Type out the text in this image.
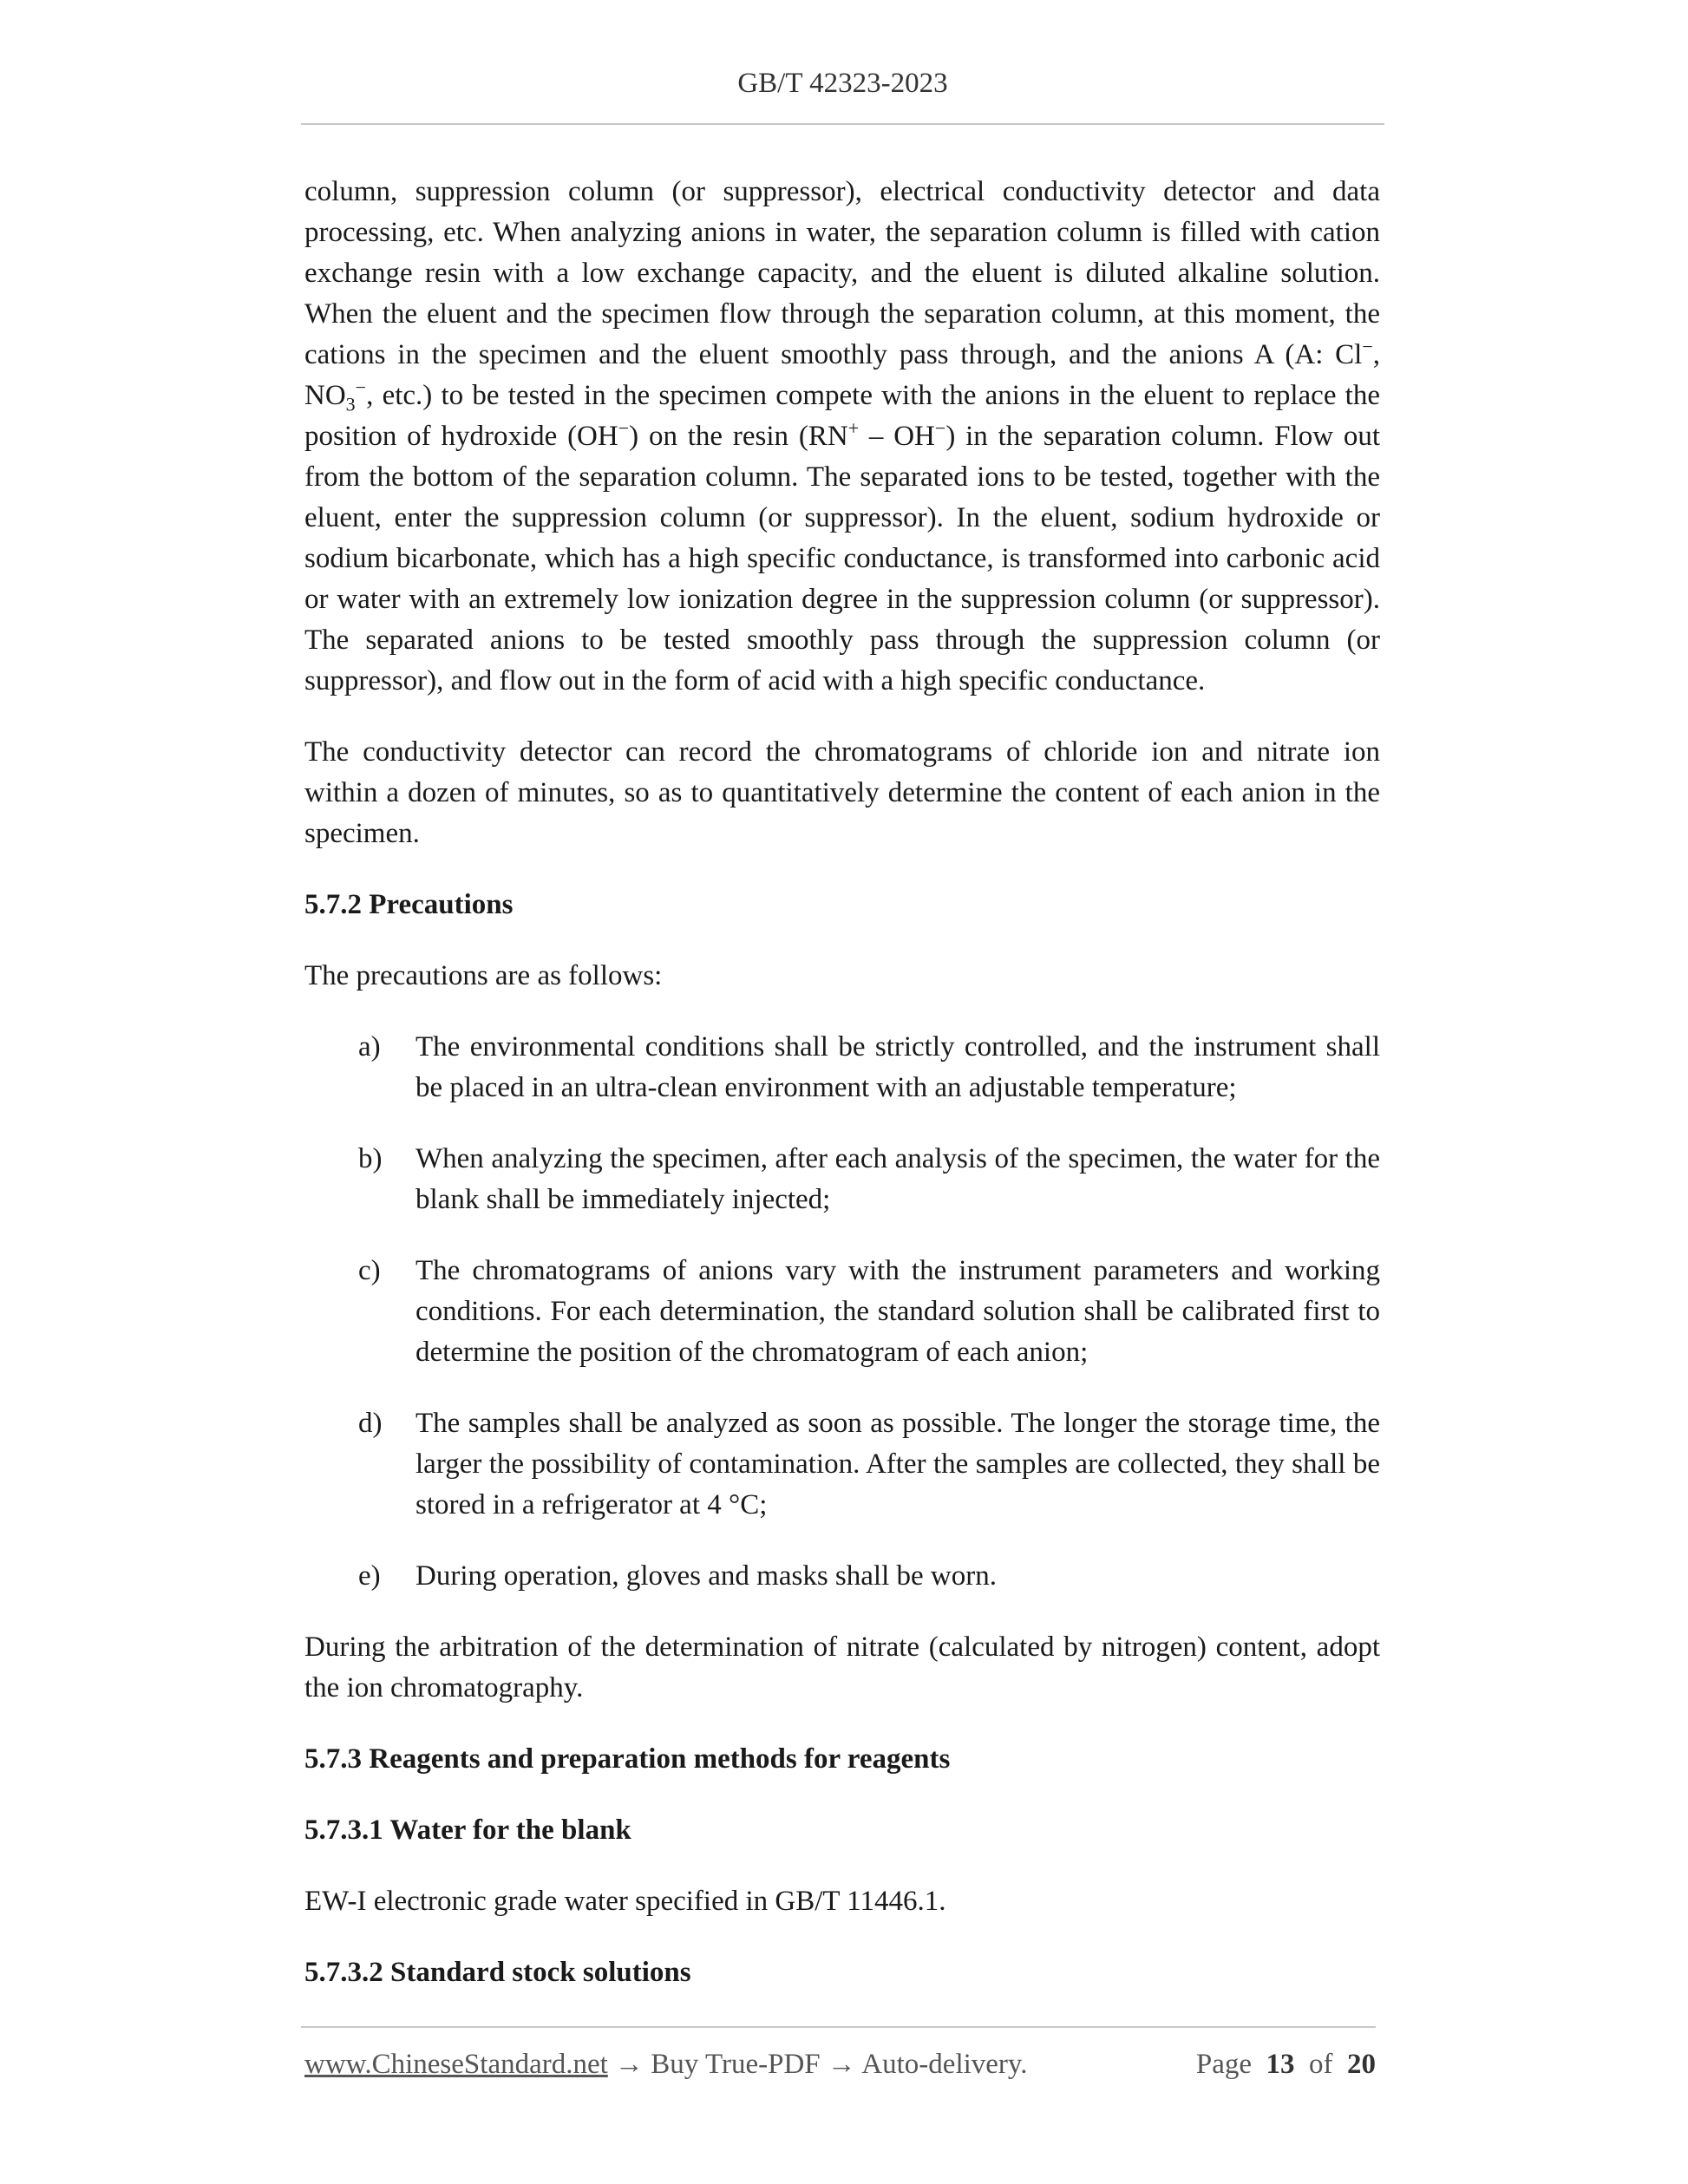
GB/T 42323-2023

column, suppression column (or suppressor), electrical conductivity detector and data processing, etc. When analyzing anions in water, the separation column is filled with cation exchange resin with a low exchange capacity, and the eluent is diluted alkaline solution. When the eluent and the specimen flow through the separation column, at this moment, the cations in the specimen and the eluent smoothly pass through, and the anions A (A: Cl−, $NO_3^-$, etc.) to be tested in the specimen compete with the anions in the eluent to replace the position of hydroxide (OH−) on the resin (RN+ – OH−) in the separation column. Flow out from the bottom of the separation column. The separated ions to be tested, together with the eluent, enter the suppression column (or suppressor). In the eluent, sodium hydroxide or sodium bicarbonate, which has a high specific conductance, is transformed into carbonic acid or water with an extremely low ionization degree in the suppression column (or suppressor). The separated anions to be tested smoothly pass through the suppression column (or suppressor), and flow out in the form of acid with a high specific conductance.

The conductivity detector can record the chromatograms of chloride ion and nitrate ion within a dozen of minutes, so as to quantitatively determine the content of each anion in the specimen.

5.7.2 Precautions

The precautions are as follows:

a) The environmental conditions shall be strictly controlled, and the instrument shall be placed in an ultra-clean environment with an adjustable temperature;
b) When analyzing the specimen, after each analysis of the specimen, the water for the blank shall be immediately injected;
c) The chromatograms of anions vary with the instrument parameters and working conditions. For each determination, the standard solution shall be calibrated first to determine the position of the chromatogram of each anion;
d) The samples shall be analyzed as soon as possible. The longer the storage time, the larger the possibility of contamination. After the samples are collected, they shall be stored in a refrigerator at 4 °C;
e) During operation, gloves and masks shall be worn.

During the arbitration of the determination of nitrate (calculated by nitrogen) content, adopt the ion chromatography.

5.7.3 Reagents and preparation methods for reagents
5.7.3.1 Water for the blank

EW-I electronic grade water specified in GB/T 11446.1.

5.7.3.2 Standard stock solutions
www.ChineseStandard.net → Buy True-PDF → Auto-delivery.	Page 13 of 20
